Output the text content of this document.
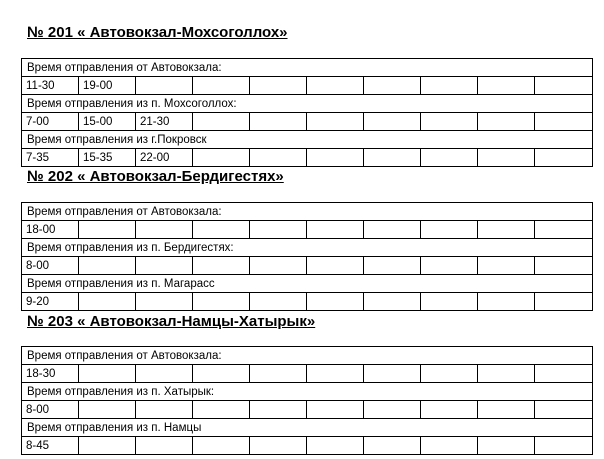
№ 201 « Автовокзал-Мохсоголлох»
Время отправления от Автовокзала:									
11-30	19-00								
Время отправления из п. Мохсоголлох:									
7-00	15-00	21-30							
Время отправления из г.Покровск									
7-35	15-35	22-00							
№ 202 « Автовокзал-Бердигестях»
Время отправления от Автовокзала:									
18-00									
Время отправления из п. Бердигестях:									
8-00									
Время отправления из п. Магарасс									
9-20									
№ 203 « Автовокзал-Намцы-Хатырык»
Время отправления от Автовокзала:									
18-30									
Время отправления из п. Хатырык:									
8-00									
Время отправления из п. Намцы									
8-45									
